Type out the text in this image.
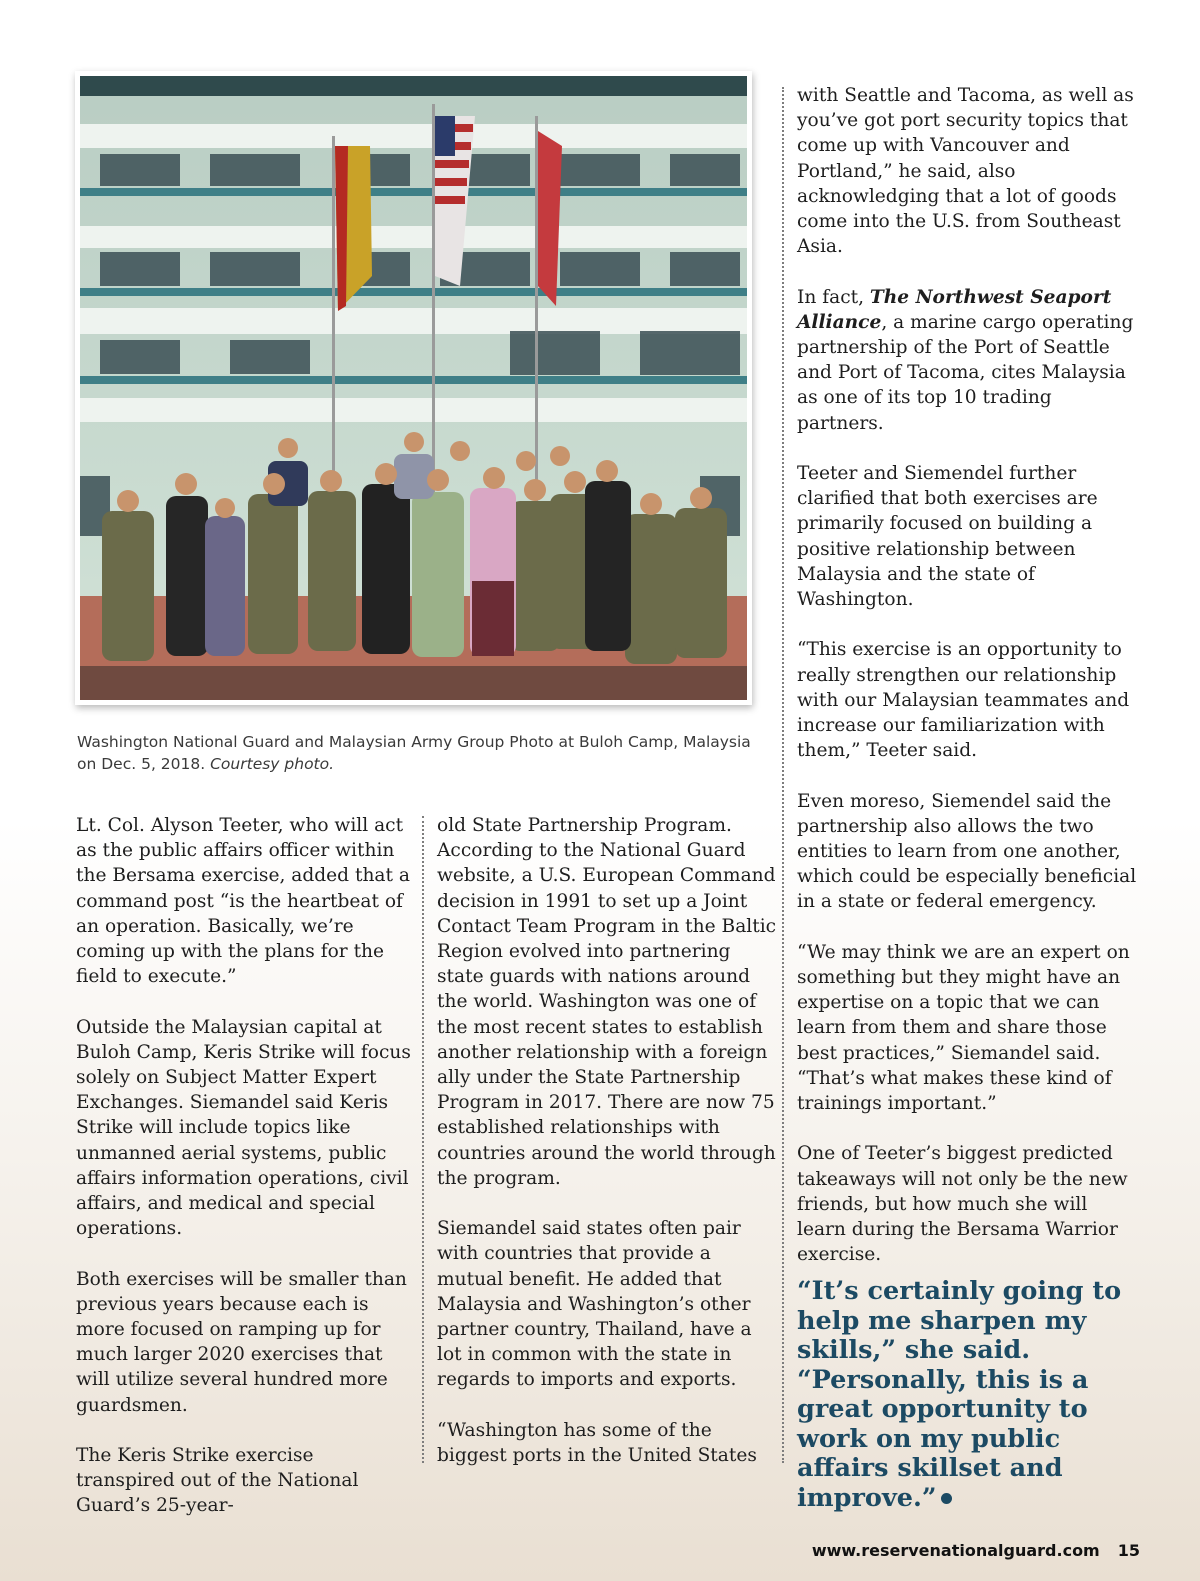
Washington National Guard and Malaysian Army Group Photo at Buloh Camp, Malaysia on Dec. 5, 2018. Courtesy photo.

Lt. Col. Alyson Teeter, who will act as the public affairs officer within the Bersama exercise, added that a command post “is the heartbeat of an operation. Basically, we’re coming up with the plans for the field to execute.”

Outside the Malaysian capital at Buloh Camp, Keris Strike will focus solely on Subject Matter Expert Exchanges. Siemandel said Keris Strike will include topics like unmanned aerial systems, public affairs information operations, civil affairs, and medical and special operations.

Both exercises will be smaller than previous years because each is more focused on ramping up for much larger 2020 exercises that will utilize several hundred more guardsmen.

The Keris Strike exercise transpired out of the National Guard’s 25-year-

old State Partnership Program. According to the National Guard website, a U.S. European Command decision in 1991 to set up a Joint Contact Team Program in the Baltic Region evolved into partnering state guards with nations around the world. Washington was one of the most recent states to establish another relationship with a foreign ally under the State Partnership Program in 2017. There are now 75 established relationships with countries around the world through the program.

Siemandel said states often pair with countries that provide a mutual benefit. He added that Malaysia and Washington’s other partner country, Thailand, have a lot in common with the state in regards to imports and exports.

“Washington has some of the biggest ports in the United States

with Seattle and Tacoma, as well as you’ve got port security topics that come up with Vancouver and Portland,” he said, also acknowledging that a lot of goods come into the U.S. from Southeast Asia.

In fact, The Northwest Seaport Alliance, a marine cargo operating partnership of the Port of Seattle and Port of Tacoma, cites Malaysia as one of its top 10 trading partners.

Teeter and Siemendel further clarified that both exercises are primarily focused on building a positive relationship between Malaysia and the state of Washington.

“This exercise is an opportunity to really strengthen our relationship with our Malaysian teammates and increase our familiarization with them,” Teeter said.

Even moreso, Siemendel said the partnership also allows the two entities to learn from one another, which could be especially beneficial in a state or federal emergency.

“We may think we are an expert on something but they might have an expertise on a topic that we can learn from them and share those best practices,” Siemandel said. “That’s what makes these kind of trainings important.”

One of Teeter’s biggest predicted takeaways will not only be the new friends, but how much she will learn during the Bersama Warrior exercise.

“It’s certainly going to help me sharpen my skills,” she said. “Personally, this is a great opportunity to work on my public affairs skillset and improve.”
www.reservenationalguard.com 15
